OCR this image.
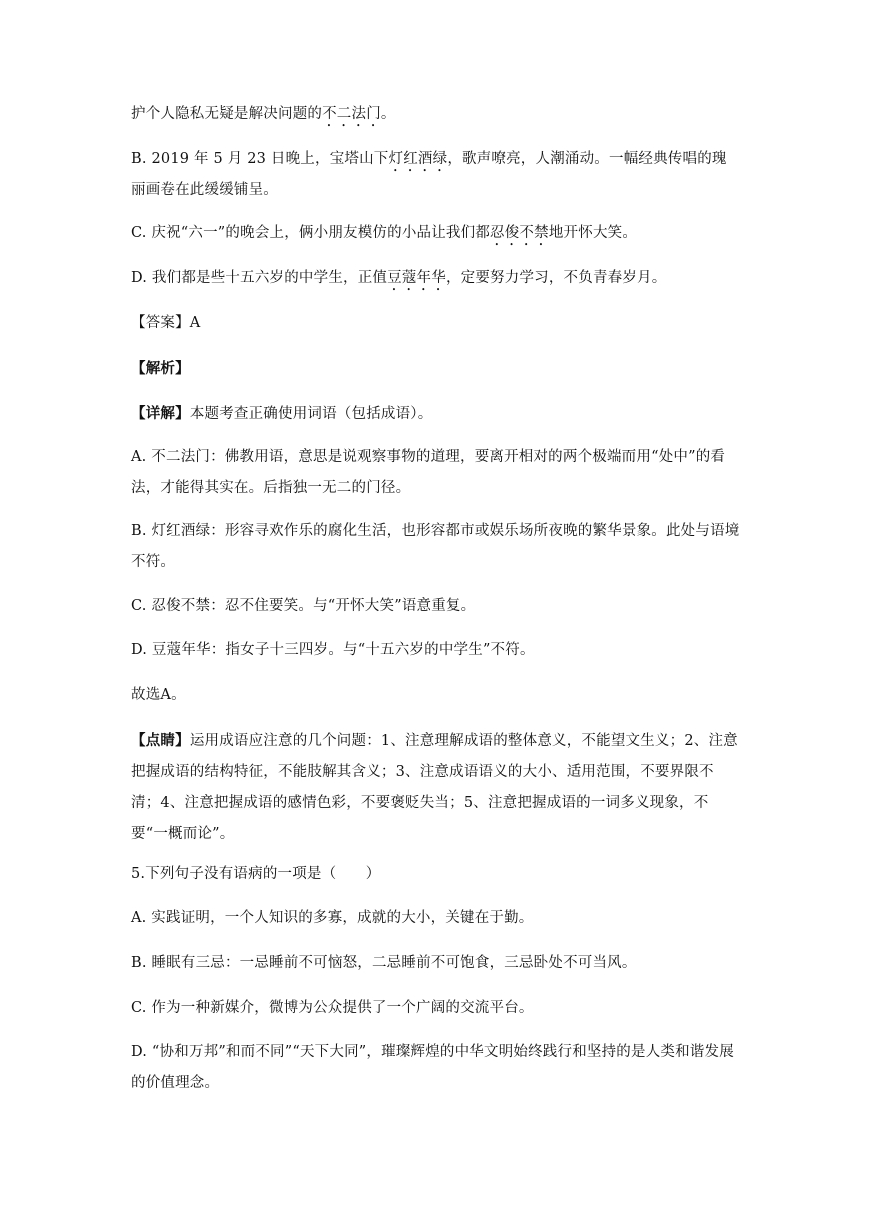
护个人隐私无疑是解决问题的不二法门。
B. 2019 年 5 月 23 日晚上，宝塔山下灯红酒绿，歌声嘹亮，人潮涌动。一幅经典传唱的瑰丽画卷在此缓缓铺呈。
C. 庆祝“六一”的晚会上，俩小朋友模仿的小品让我们都忍俊不禁地开怀大笑。
D. 我们都是些十五六岁的中学生，正值豆蔻年华，定要努力学习，不负青春岁月。
【答案】A
【解析】
【详解】本题考查正确使用词语（包括成语）。
A. 不二法门：佛教用语，意思是说观察事物的道理，要离开相对的两个极端而用“处中”的看法，才能得其实在。后指独一无二的门径。
B. 灯红酒绿：形容寻欢作乐的腐化生活，也形容都市或娱乐场所夜晚的繁华景象。此处与语境不符。
C. 忍俊不禁：忍不住要笑。与“开怀大笑”语意重复。
D. 豆蔻年华：指女子十三四岁。与“十五六岁的中学生”不符。
故选A。
【点睛】运用成语应注意的几个问题：1、注意理解成语的整体意义，不能望文生义；2、注意把握成语的结构特征，不能肢解其含义；3、注意成语语义的大小、适用范围，不要界限不清；4、注意把握成语的感情色彩，不要褒贬失当；5、注意把握成语的一词多义现象，不要“一概而论”。
5.下列句子没有语病的一项是（　　）
A. 实践证明，一个人知识的多寡，成就的大小，关键在于勤。
B. 睡眠有三忌：一忌睡前不可恼怒，二忌睡前不可饱食，三忌卧处不可当风。
C. 作为一种新媒介，微博为公众提供了一个广阔的交流平台。
D. “协和万邦”和而不同”“天下大同”，璀璨辉煌的中华文明始终践行和坚持的是人类和谐发展的价值理念。
